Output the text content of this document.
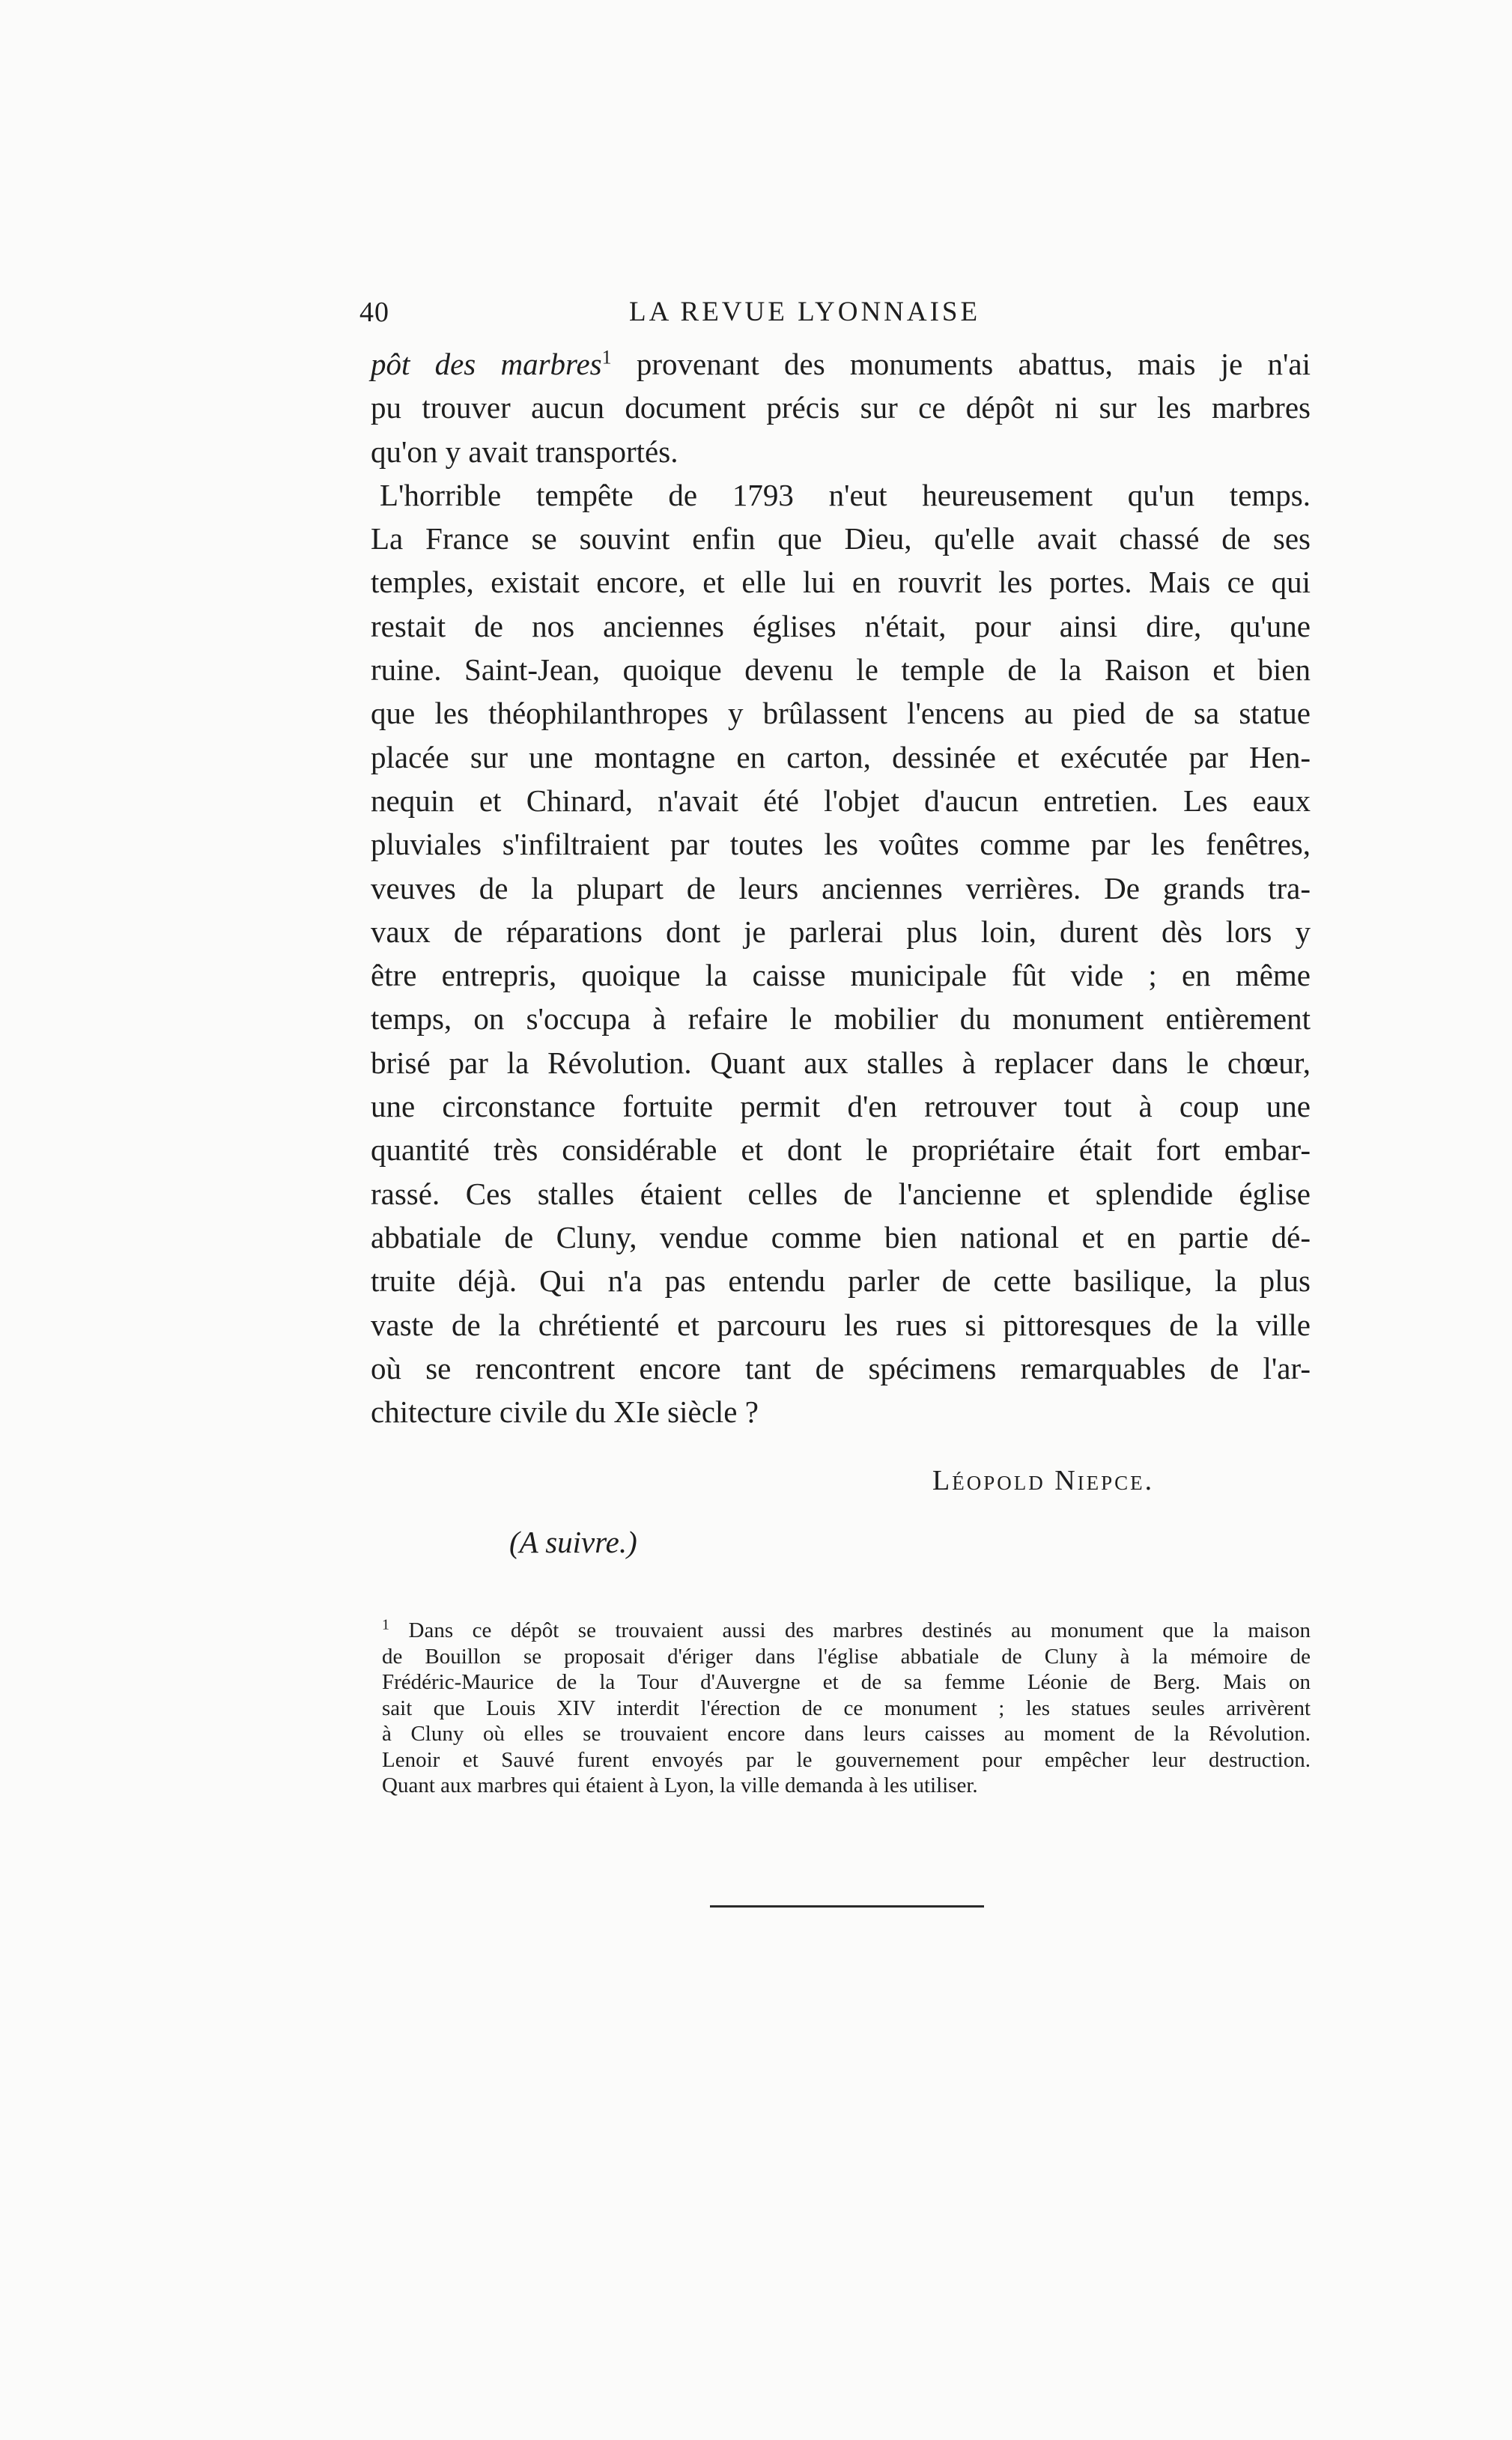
40	LA REVUE LYONNAISE
pôt des marbres$^1$ provenant des monuments abattus, mais je n'ai
pu trouver aucun document précis sur ce dépôt ni sur les marbres
qu'on y avait transportés.
L'horrible tempête de 1793 n'eut heureusement qu'un temps.
La France se souvint enfin que Dieu, qu'elle avait chassé de ses
temples, existait encore, et elle lui en rouvrit les portes. Mais ce qui
restait de nos anciennes églises n'était, pour ainsi dire, qu'une
ruine. Saint-Jean, quoique devenu le temple de la Raison et bien
que les théophilanthropes y brûlassent l'encens au pied de sa statue
placée sur une montagne en carton, dessinée et exécutée par Hen-
nequin et Chinard, n'avait été l'objet d'aucun entretien. Les eaux
pluviales s'infiltraient par toutes les voûtes comme par les fenêtres,
veuves de la plupart de leurs anciennes verrières. De grands tra-
vaux de réparations dont je parlerai plus loin, durent dès lors y
être entrepris, quoique la caisse municipale fût vide ; en même
temps, on s'occupa à refaire le mobilier du monument entièrement
brisé par la Révolution. Quant aux stalles à replacer dans le chœur,
une circonstance fortuite permit d'en retrouver tout à coup une
quantité très considérable et dont le propriétaire était fort embar-
rassé. Ces stalles étaient celles de l'ancienne et splendide église
abbatiale de Cluny, vendue comme bien national et en partie dé-
truite déjà. Qui n'a pas entendu parler de cette basilique, la plus
vaste de la chrétienté et parcouru les rues si pittoresques de la ville
où se rencontrent encore tant de spécimens remarquables de l'ar-
chitecture civile du XIe siècle ?
Léopold Niepce.
(A suivre.)
$^1$ Dans ce dépôt se trouvaient aussi des marbres destinés au monument que la maison
de Bouillon se proposait d'ériger dans l'église abbatiale de Cluny à la mémoire de
Frédéric-Maurice de la Tour d'Auvergne et de sa femme Léonie de Berg. Mais on
sait que Louis XIV interdit l'érection de ce monument ; les statues seules arrivèrent
à Cluny où elles se trouvaient encore dans leurs caisses au moment de la Révolution.
Lenoir et Sauvé furent envoyés par le gouvernement pour empêcher leur destruction.
Quant aux marbres qui étaient à Lyon, la ville demanda à les utiliser.
